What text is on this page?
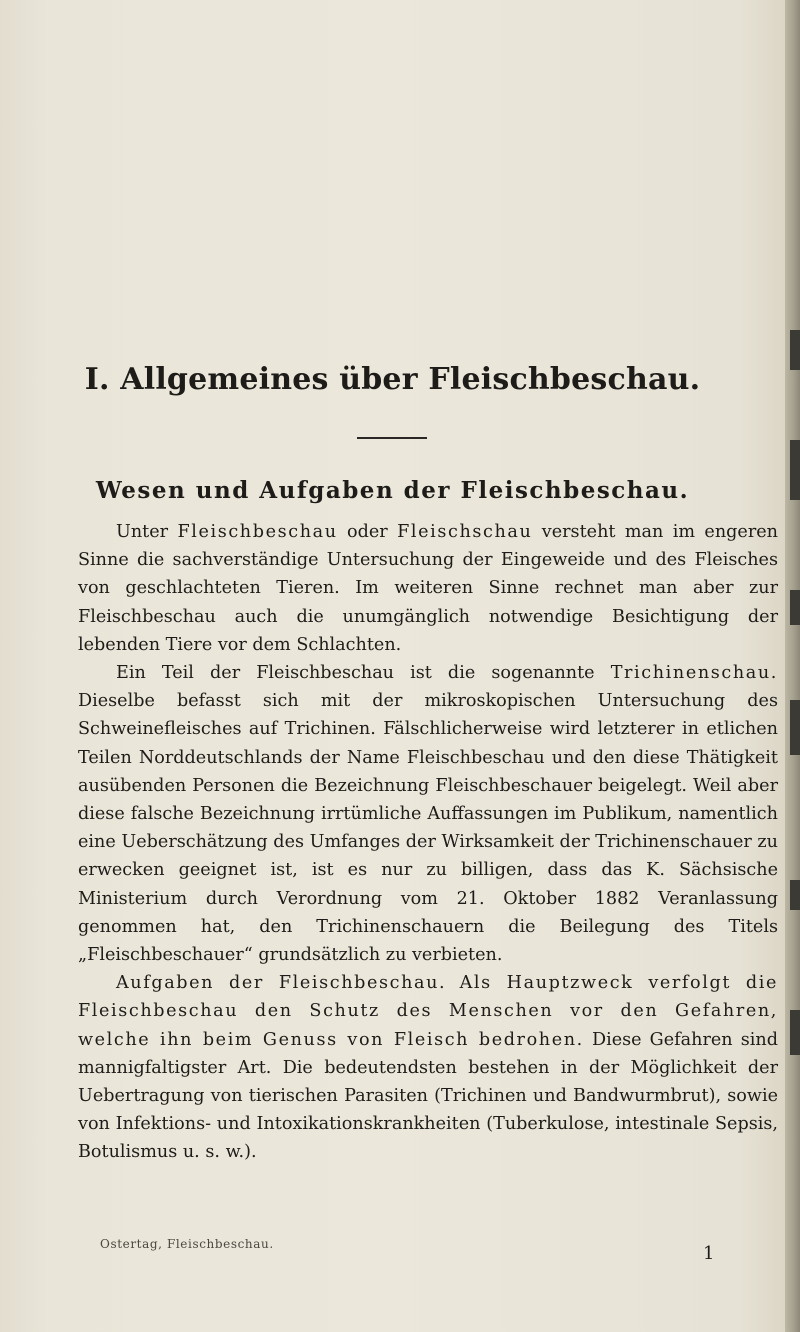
I. Allgemeines über Fleischbeschau.
Wesen und Aufgaben der Fleischbeschau.

Unter Fleischbeschau oder Fleischschau versteht man im engeren Sinne die sachverständige Untersuchung der Eingeweide und des Fleisches von geschlachteten Tieren. Im weiteren Sinne rechnet man aber zur Fleischbeschau auch die unumgänglich notwendige Besichtigung der lebenden Tiere vor dem Schlachten.

Ein Teil der Fleischbeschau ist die sogenannte Trichinenschau. Dieselbe befasst sich mit der mikroskopischen Untersuchung des Schweinefleisches auf Trichinen. Fälschlicherweise wird letzterer in etlichen Teilen Norddeutschlands der Name Fleischbeschau und den diese Thätigkeit ausübenden Personen die Bezeichnung Fleischbeschauer beigelegt. Weil aber diese falsche Bezeichnung irrtümliche Auffassungen im Publikum, namentlich eine Ueberschätzung des Umfanges der Wirksamkeit der Trichinenschauer zu erwecken geeignet ist, ist es nur zu billigen, dass das K. Sächsische Ministerium durch Verordnung vom 21. Oktober 1882 Veranlassung genommen hat, den Trichinenschauern die Beilegung des Titels „Fleischbeschauer“ grundsätzlich zu verbieten.

Aufgaben der Fleischbeschau. Als Hauptzweck verfolgt die Fleischbeschau den Schutz des Menschen vor den Gefahren, welche ihn beim Genuss von Fleisch bedrohen. Diese Gefahren sind mannigfaltigster Art. Die bedeutendsten bestehen in der Möglichkeit der Uebertragung von tierischen Parasiten (Trichinen und Bandwurmbrut), sowie von Infektions- und Intoxikationskrankheiten (Tuberkulose, intestinale Sepsis, Botulismus u. s. w.).

Ostertag, Fleischbeschau.	1
